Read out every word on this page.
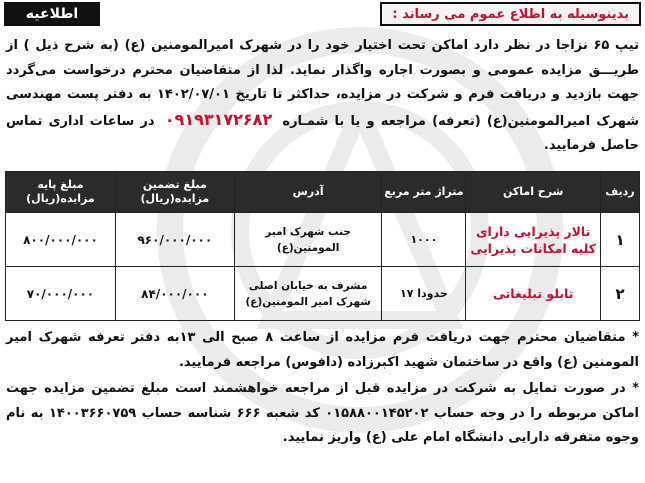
بدینوسیله به اطلاع عموم می رساند :
اطلاعیه

تیپ ۶۵ نزاجا در نظر دارد اماکن تحت اختیار خود را در شهرک امیرالمومنین (ع) (به شرح ذیل ) از طریـــق مزایده عمومی و بصورت اجاره واگذار نماید. لذا از متقاضیان محترم درخواست می‌گردد جهت بازدید و دریافت فرم و شرکت در مزایده، حداکثر تا تاریخ ۱۴۰۲/۰۷/۰۱ به دفتر پست مهندسی شهرک امیرالمومنین(ع) (تعرفه) مراجعه و یا با شمـاره ۰۹۱۹۳۱۷۲۶۸۲ در ساعات اداری تماس حاصل فرمایید.

ردیف	شرح اماکن	متراژ متر مربع	آدرس	مبلغ تضمین مزایده(ریال)	مبلغ پایه مزایده(ریال)
۱	تالار پذیرایی دارای کلیه امکانات پذیرایی	۱۰۰۰	جنب شهرک امیر المومنین(ع)	۹۶۰/۰۰۰/۰۰۰	۸۰۰/۰۰۰/۰۰۰
۲	تابلو تبلیغاتی	حدودا ۱۷	مشرف به خیابان اصلی شهرک امیر المومنین(ع)	۸۴/۰۰۰/۰۰۰	۷۰/۰۰۰/۰۰۰

* متقاضیان محترم جهت دریافت فرم مزایده از ساعت ۸ صبح الی ۱۳به دفتر تعرفه شهرک امیر المومنین (ع) واقع در ساختمان شهید اکبرزاده (دافوس) مراجعه فرمایید.

* در صورت تمایل به شرکت در مزایده قبل از مراجعه خواهشمند است مبلغ تضمین مزایده جهت اماکن مربوطه را در وجه حساب ۰۱۵۸۸۰۰۱۴۵۲۰۲ کد شعبه ۶۶۶ شناسه حساب ۱۴۰۰۳۶۶۰۷۵۹ به نام وجوه متفرقه دارایی دانشگاه امام علی (ع) واریز نمایید.
